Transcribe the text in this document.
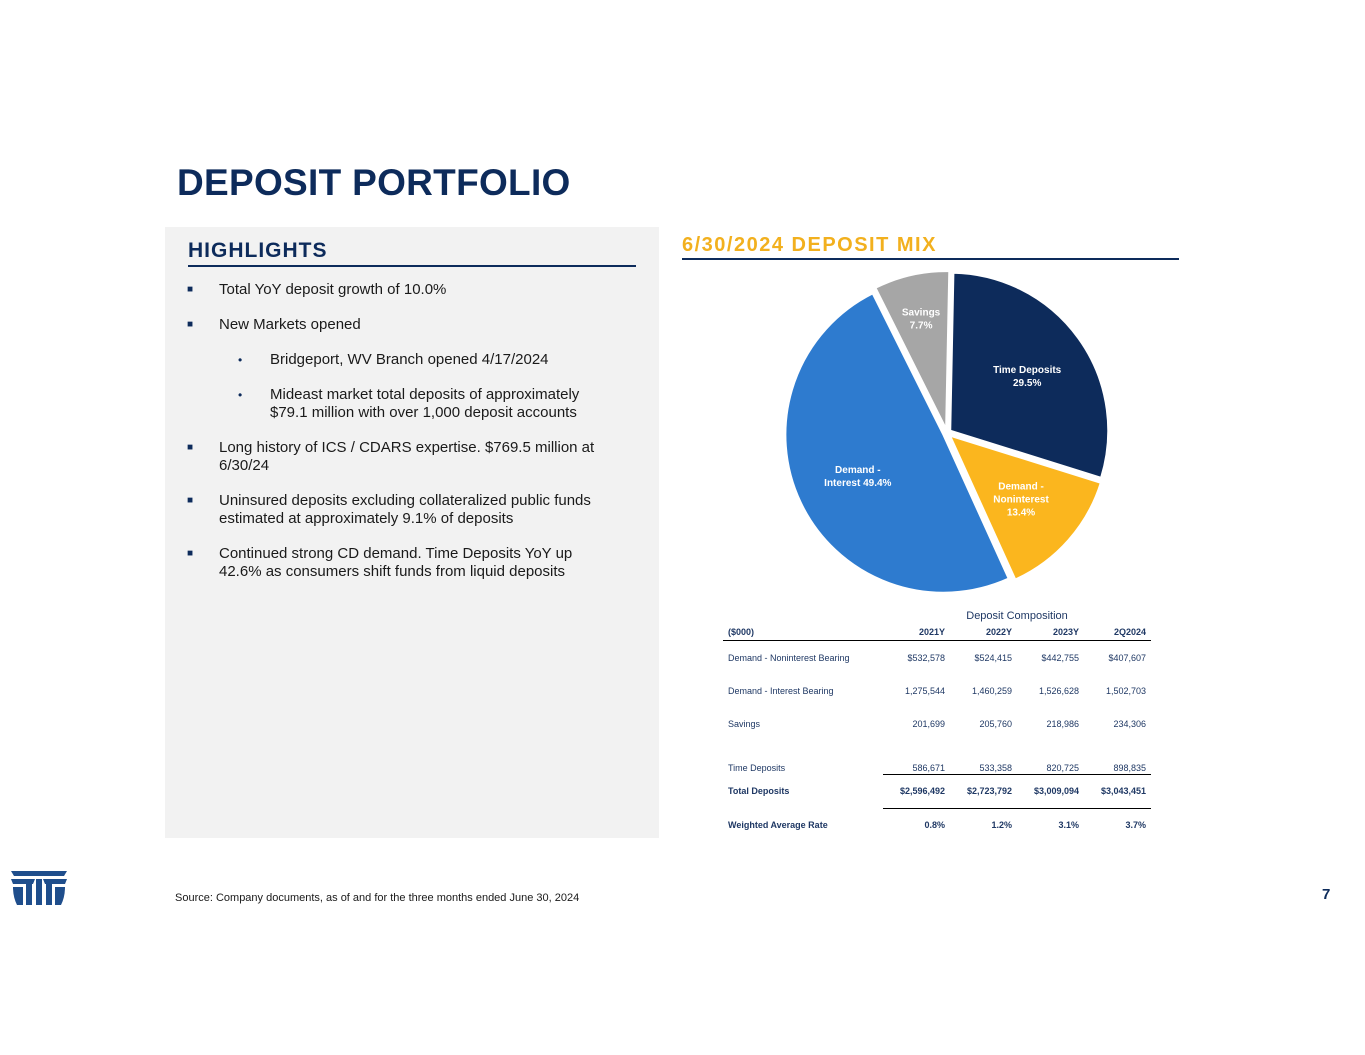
DEPOSIT PORTFOLIO
HIGHLIGHTS
■ Total YoY deposit growth of 10.0%
■ New Markets opened
• Bridgeport, WV Branch opened 4/17/2024
• Mideast market total deposits of approximately $79.1 million with over 1,000 deposit accounts
■ Long history of ICS / CDARS expertise. $769.5 million at 6/30/24
■ Uninsured deposits excluding collateralized public funds estimated at approximately 9.1% of deposits
■ Continued strong CD demand. Time Deposits YoY up 42.6% as consumers shift funds from liquid deposits
6/30/2024 DEPOSIT MIX
Time Deposits 29.5%
Demand -Noninterest 13.4%
Demand -Interest 49.4%
Savings 7.7%
Deposit Composition
($000)	2021Y	2022Y	2023Y	2Q2024
Demand - Noninterest Bearing	$532,578	$524,415	$442,755	$407,607
Demand - Interest Bearing	1,275,544	1,460,259	1,526,628	1,502,703
Savings	201,699	205,760	218,986	234,306
Time Deposits	586,671	533,358	820,725	898,835
Total Deposits	$2,596,492	$2,723,792	$3,009,094	$3,043,451
Weighted Average Rate	0.8%	1.2%	3.1%	3.7%
Source: Company documents, as of and for the three months ended June 30, 2024	7
